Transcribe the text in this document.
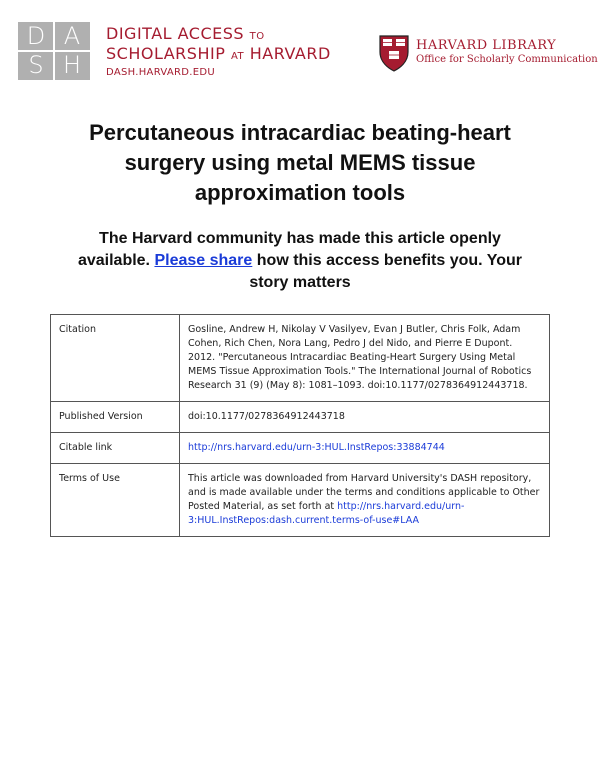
D A
S H
DIGITAL ACCESS TO
SCHOLARSHIP AT HARVARD
DASH.HARVARD.EDU
HARVARD LIBRARY
Office for Scholarly Communication
Percutaneous intracardiac beating-heart surgery using metal MEMS tissue approximation tools
The Harvard community has made this article openly available. Please share how this access benefits you. Your story matters
Citation	Gosline, Andrew H, Nikolay V Vasilyev, Evan J Butler, Chris Folk, Adam Cohen, Rich Chen, Nora Lang, Pedro J del Nido, and Pierre E Dupont. 2012. "Percutaneous Intracardiac Beating-Heart Surgery Using Metal MEMS Tissue Approximation Tools." The International Journal of Robotics Research 31 (9) (May 8): 1081–1093. doi:10.1177/0278364912443718.
Published Version	doi:10.1177/0278364912443718
Citable link	http://nrs.harvard.edu/urn-3:HUL.InstRepos:33884744
Terms of Use	This article was downloaded from Harvard University's DASH repository, and is made available under the terms and conditions applicable to Other Posted Material, as set forth at http://nrs.harvard.edu/urn-3:HUL.InstRepos:dash.current.terms-of-use#LAA
